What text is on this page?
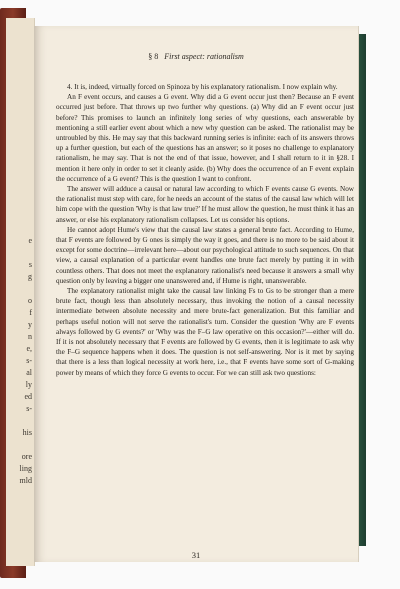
e
s
g
o
f
y
n
e,
s-
al
ly
ed
s-
his
ore
ling
mld
§ 8 First aspect: rationalism

4. It is, indeed, virtually forced on Spinoza by his explanatory rationalism. I now explain why.

An F event occurs, and causes a G event. Why did a G event occur just then? Because an F event occurred just before. That throws up two further why questions. (a) Why did an F event occur just before? This promises to launch an infinitely long series of why questions, each answerable by mentioning a still earlier event about which a new why question can be asked. The rationalist may be untroubled by this. He may say that this backward running series is infinite: each of its answers throws up a further question, but each of the questions has an answer; so it poses no challenge to explanatory rationalism, he may say. That is not the end of that issue, however, and I shall return to it in §28. I mention it here only in order to set it cleanly aside. (b) Why does the occurrence of an F event explain the occurrence of a G event? This is the question I want to confront.

The answer will adduce a causal or natural law according to which F events cause G events. Now the rationalist must step with care, for he needs an account of the status of the causal law which will let him cope with the question 'Why is that law true?' If he must allow the question, he must think it has an answer, or else his explanatory rationalism collapses. Let us consider his options.

He cannot adopt Hume's view that the causal law states a general brute fact. According to Hume, that F events are followed by G ones is simply the way it goes, and there is no more to be said about it except for some doctrine—irrelevant here—about our psychological attitude to such sequences. On that view, a causal explanation of a particular event handles one brute fact merely by putting it in with countless others. That does not meet the explanatory rationalist's need because it answers a small why question only by leaving a bigger one unanswered and, if Hume is right, unanswerable.

The explanatory rationalist might take the causal law linking Fs to Gs to be stronger than a mere brute fact, though less than absolutely necessary, thus invoking the notion of a causal necessity intermediate between absolute necessity and mere brute-fact generalization. But this familiar and perhaps useful notion will not serve the rationalist's turn. Consider the question 'Why are F events always followed by G events?' or 'Why was the F–G law operative on this occasion?'—either will do. If it is not absolutely necessary that F events are followed by G events, then it is legitimate to ask why the F–G sequence happens when it does. The question is not self-answering. Nor is it met by saying that there is a less than logical necessity at work here, i.e., that F events have some sort of G-making power by means of which they force G events to occur. For we can still ask two questions:

31
